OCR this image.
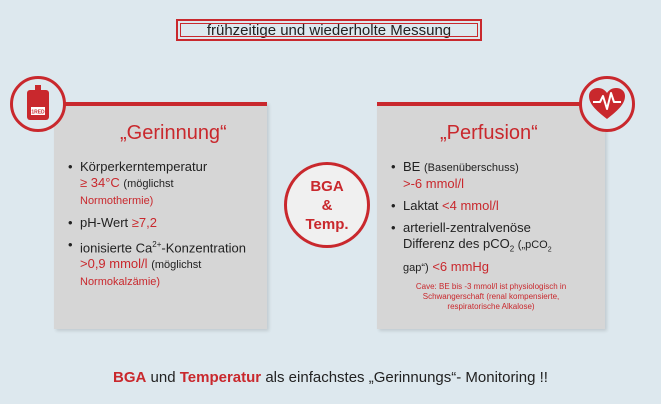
frühzeitige und wiederholte Messung
1RED
„Gerinnung“
• Körperkerntemperatur
≥ 34°C (möglichst
Normothermie)
• pH-Wert ≥7,2
• ionisierte $Ca^{2+}$-Konzentration
>0,9 mmol/l (möglichst
Normokalzämie)
BGA
&
Temp.
„Perfusion“
• BE (Basenüberschuss)
>-6 mmol/l
• Laktat <4 mmol/l
• arteriell-zentralvenöse
Differenz des pCO$_2$ („pCO$_2$
gap“) <6 mmHg
Cave: BE bis -3 mmol/l ist physiologisch in Schwangerschaft (renal kompensierte, respiratorische Alkalose)
BGA und Temperatur als einfachstes „Gerinnungs“- Monitoring !!
